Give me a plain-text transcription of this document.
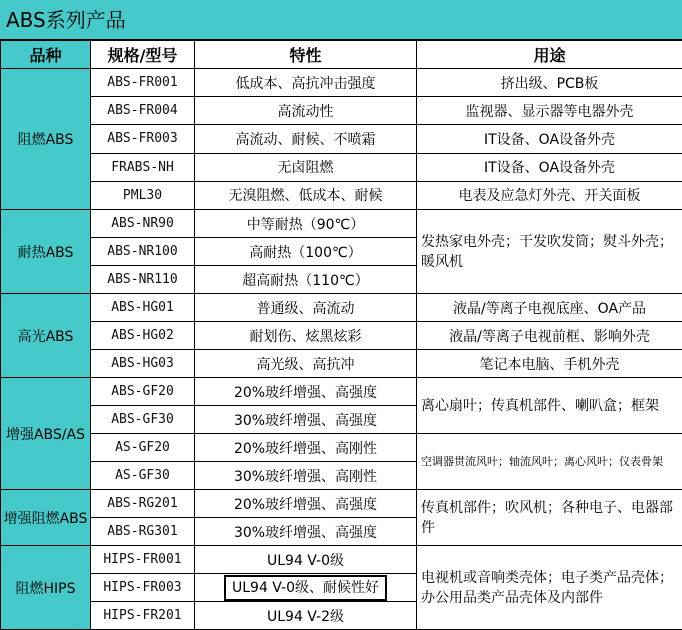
ABS系列产品
品种	规格/型号	特性	用途
阻燃ABS	ABS-FR001	低成本、高抗冲击强度	挤出级、PCB板
	ABS-FR004	高流动性	监视器、显示器等电器外壳
	ABS-FR003	高流动、耐候、不喷霜	IT设备、OA设备外壳
	FRABS-NH	无卤阻燃	IT设备、OA设备外壳
	PML30	无溴阻燃、低成本、耐候	电表及应急灯外壳、开关面板
耐热ABS	ABS-NR90	中等耐热（90℃）	发热家电外壳；干发吹发筒；熨斗外壳；暖风机
	ABS-NR100	高耐热（100℃）	
	ABS-NR110	超高耐热（110℃）	
高光ABS	ABS-HG01	普通级、高流动	液晶/等离子电视底座、OA产品
	ABS-HG02	耐划伤、炫黑炫彩	液晶/等离子电视前框、影响外壳
	ABS-HG03	高光级、高抗冲	笔记本电脑、手机外壳
增强ABS/AS	ABS-GF20	20%玻纤增强、高强度	离心扇叶；传真机部件、喇叭盒；框架
	ABS-GF30	30%玻纤增强、高强度	
	AS-GF20	20%玻纤增强、高刚性	空调器贯流风叶；轴流风叶；离心风叶；仪表骨架
	AS-GF30	30%玻纤增强、高刚性	
增强阻燃ABS	ABS-RG201	20%玻纤增强、高强度	传真机部件；吹风机；各种电子、电器部件
	ABS-RG301	30%玻纤增强、高强度	
阻燃HIPS	HIPS-FR001	UL94 V-0级	电视机或音响类壳体；电子类产品壳体；办公用品类产品壳体及内部件
	HIPS-FR003	UL94 V-0级、耐候性好	
	HIPS-FR201	UL94 V-2级	
